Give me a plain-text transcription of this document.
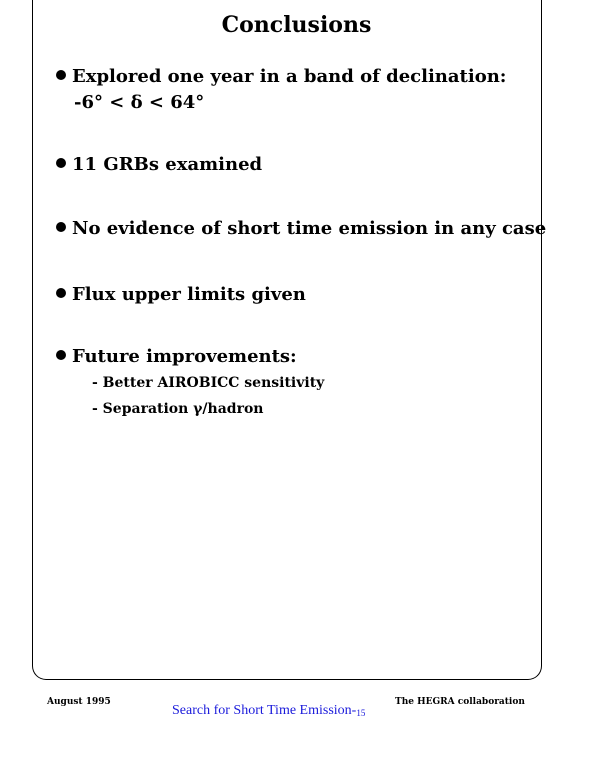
Conclusions
Explored one year in a band of declination:
-6° < δ < 64°
11 GRBs examined
No evidence of short time emission in any case
Flux upper limits given
Future improvements:
- Better AIROBICC sensitivity
- Separation γ/hadron
August 1995	The HEGRA collaboration
Search for Short Time Emission-$_{15}$
